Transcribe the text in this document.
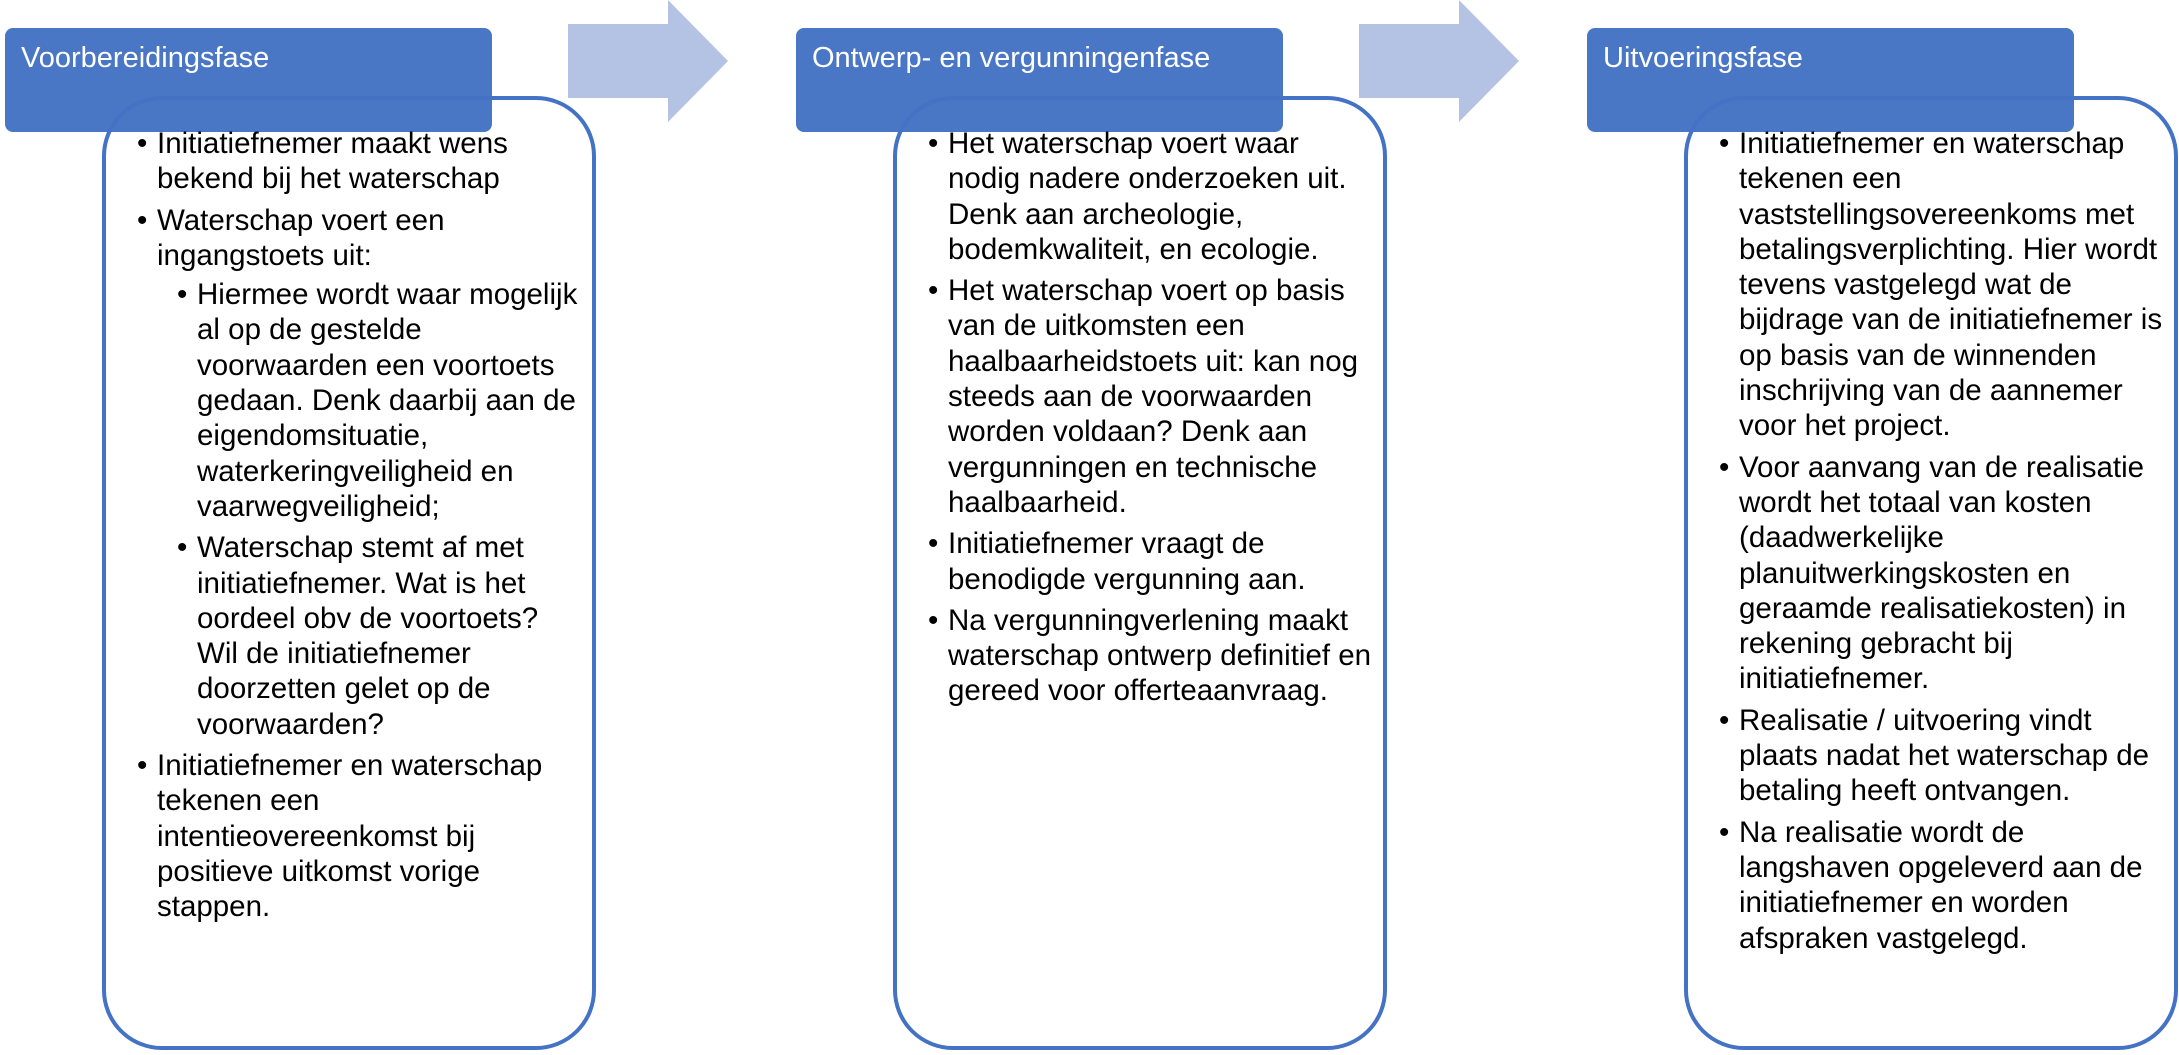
Voorbereidingsfase
• Initiatiefnemer maakt wens bekend bij het waterschap
• Waterschap voert een ingangstoets uit:
• Hiermee wordt waar mogelijk al op de gestelde voorwaarden een voortoets gedaan. Denk daarbij aan de eigendomsituatie, waterkeringveiligheid en vaarwegveiligheid;
• Waterschap stemt af met initiatiefnemer. Wat is het oordeel obv de voortoets? Wil de initiatiefnemer doorzetten gelet op de voorwaarden?
• Initiatiefnemer en waterschap tekenen een intentieovereenkomst bij positieve uitkomst vorige stappen.
Ontwerp- en vergunningenfase
• Het waterschap voert waar nodig nadere onderzoeken uit. Denk aan archeologie, bodemkwaliteit, en ecologie.
• Het waterschap voert op basis van de uitkomsten een haalbaarheidstoets uit: kan nog steeds aan de voorwaarden worden voldaan? Denk aan vergunningen en technische haalbaarheid.
• Initiatiefnemer vraagt de benodigde vergunning aan.
• Na vergunningverlening maakt waterschap ontwerp definitief en gereed voor offerteaanvraag.
Uitvoeringsfase
• Initiatiefnemer en waterschap tekenen een vaststellingsovereenkoms met betalingsverplichting. Hier wordt tevens vastgelegd wat de bijdrage van de initiatiefnemer is op basis van de winnenden inschrijving van de aannemer voor het project.
• Voor aanvang van de realisatie wordt het totaal van kosten (daadwerkelijke planuitwerkingskosten en geraamde realisatiekosten) in rekening gebracht bij initiatiefnemer.
• Realisatie / uitvoering vindt plaats nadat het waterschap de betaling heeft ontvangen.
• Na realisatie wordt de langshaven opgeleverd aan de initiatiefnemer en worden afspraken vastgelegd.
